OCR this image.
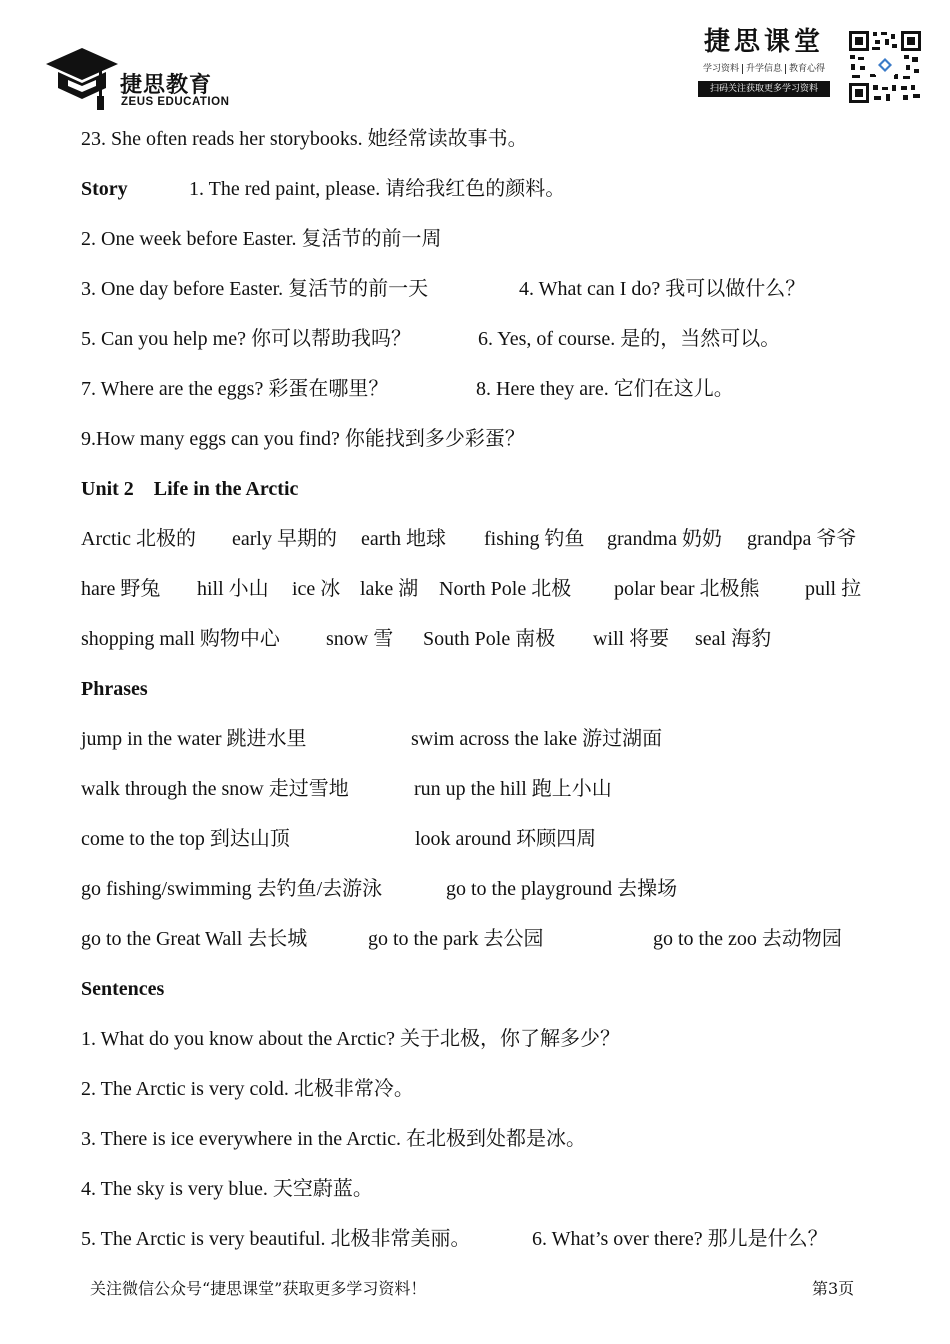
捷思教育
ZEUS EDUCATION
捷思课堂
学习资料 升学信息 教育心得
扫码关注获取更多学习资料
23. She often reads her storybooks. 她经常读故事书。
Story	1. The red paint, please. 请给我红色的颜料。
2. One week before Easter. 复活节的前一周
3. One day before Easter. 复活节的前一天	4. What can I do? 我可以做什么？
5. Can you help me? 你可以帮助我吗？	6. Yes, of course. 是的，当然可以。
7. Where are the eggs? 彩蛋在哪里？	8. Here they are. 它们在这儿。
9.How many eggs can you find? 你能找到多少彩蛋？
Unit 2    Life in the Arctic
Arctic 北极的 early 早期的 earth 地球 fishing 钓鱼 grandma 奶奶 grandpa 爷爷
hare 野兔 hill 小山 ice 冰 lake 湖 North Pole 北极 polar bear 北极熊 pull 拉
shopping mall 购物中心 snow 雪 South Pole 南极 will 将要 seal 海豹
Phrases
jump in the water 跳进水里	swim across the lake 游过湖面
walk through the snow 走过雪地	run up the hill 跑上小山
come to the top 到达山顶	look around 环顾四周
go fishing/swimming 去钓鱼/去游泳	go to the playground 去操场
go to the Great Wall 去长城	go to the park 去公园	go to the zoo 去动物园
Sentences
1. What do you know about the Arctic? 关于北极，你了解多少？
2. The Arctic is very cold. 北极非常冷。
3. There is ice everywhere in the Arctic. 在北极到处都是冰。
4. The sky is very blue. 天空蔚蓝。
5. The Arctic is very beautiful. 北极非常美丽。	6. What’s over there? 那儿是什么？
关注微信公众号“捷思课堂”获取更多学习资料！	第3页
